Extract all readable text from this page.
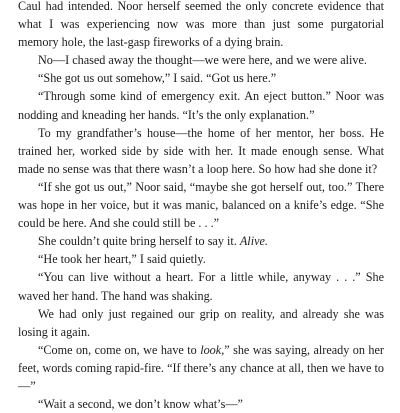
Caul had intended. Noor herself seemed the only concrete evidence that what I was experiencing now was more than just some purgatorial memory hole, the last-gasp fireworks of a dying brain.

No—I chased away the thought—we were here, and we were alive.

“She got us out somehow,” I said. “Got us here.”

“Through some kind of emergency exit. An eject button.” Noor was nodding and kneading her hands. “It’s the only explanation.”

To my grandfather’s house—the home of her mentor, her boss. He trained her, worked side by side with her. It made enough sense. What made no sense was that there wasn’t a loop here. So how had she done it?

“If she got us out,” Noor said, “maybe she got herself out, too.” There was hope in her voice, but it was manic, balanced on a knife’s edge. “She could be here. And she could still be . . .”

She couldn’t quite bring herself to say it. Alive.

“He took her heart,” I said quietly.

“You can live without a heart. For a little while, anyway . . .” She waved her hand. The hand was shaking.

We had only just regained our grip on reality, and already she was losing it again.

“Come on, come on, we have to look,” she was saying, already on her feet, words coming rapid-fire. “If there’s any chance at all, then we have to—”

“Wait a second, we don’t know what’s—”
